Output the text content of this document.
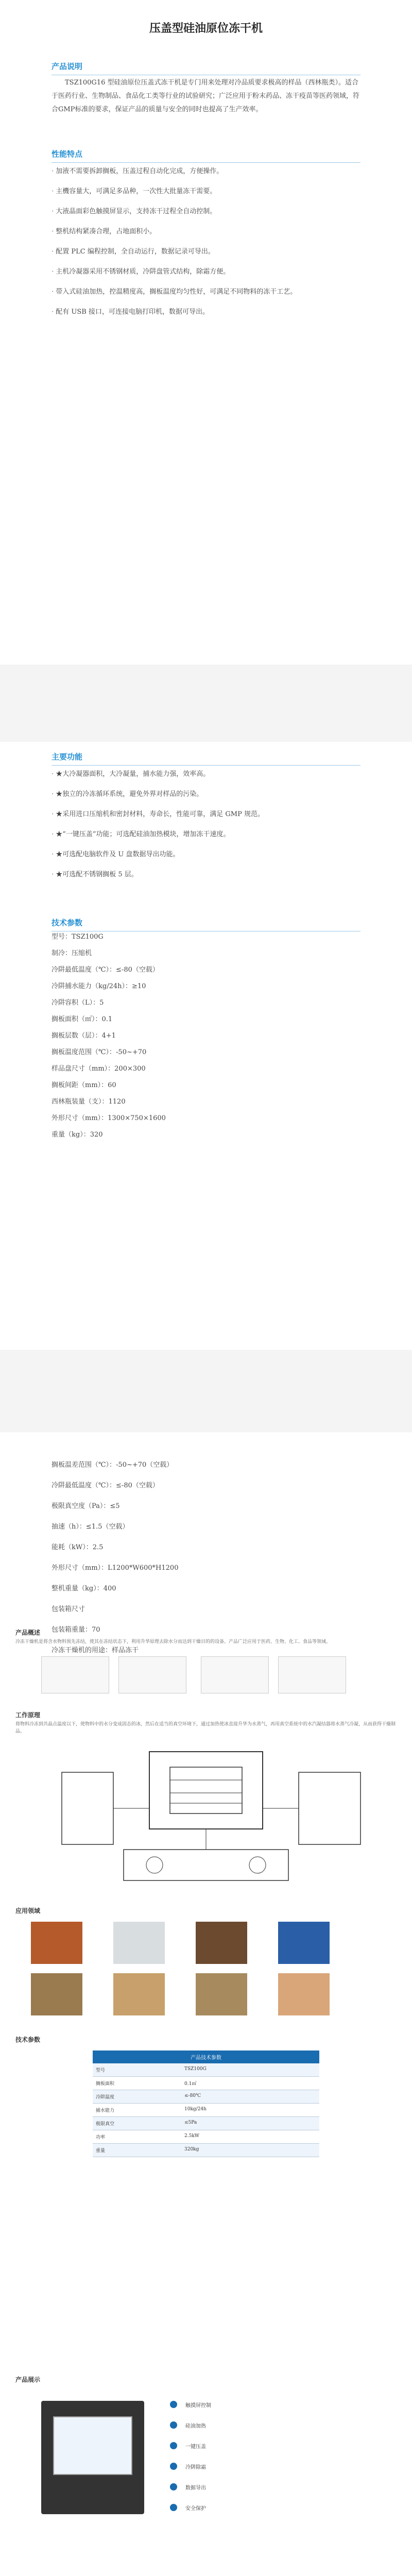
压盖型硅油原位冻干机
产品说明
TSZ100G16 型硅油原位压盖式冻干机是专门用来处理对冷品质要求极高的样品（西林瓶类）。适合于医药行业、生物制品、食品化工类等行业的试验研究；广泛应用于粉末药品、冻干疫苗等医药领域，符合GMP标准的要求，保证产品的质量与安全的同时也提高了生产效率。
性能特点
· 加液不需要拆卸搁板，压盖过程自动化完成，方便操作。
· 主機容量大，可满足多品种，一次性大批量冻干需要。
· 大液晶面彩色触摸屏显示，支持冻干过程全自动控制。
· 整机结构紧凑合理，占地面积小。
· 配置 PLC 编程控制，全自动运行，数据记录可导出。
· 主机冷凝器采用不锈钢材质，冷阱盘管式结构，除霜方便。
· 带入式硅油加热，控温精度高，搁板温度均匀性好，可满足不同物料的冻干工艺。
· 配有 USB 接口，可连接电脑打印机，数据可导出。
主要功能
· ★大冷凝器面积，大冷凝量，捕水能力强，效率高。
· ★独立的冷冻循环系统，避免外界对样品的污染。
· ★采用进口压缩机和密封材料，寿命长，性能可靠，满足 GMP 规范。
· ★“一键压盖”功能；可选配硅油加热模块，增加冻干速度。
· ★可选配电脑软件及 U 盘数据导出功能。
· ★可选配不锈钢搁板 5 层。
技术参数
型号：TSZ100G
制冷：压缩机
冷阱最低温度（℃）：≤-80（空载）
冷阱捕水能力（kg/24h）：≥10
冷阱容积（L）：5
搁板面积（㎡）：0.1
搁板层数（层）：4+1
搁板温度范围（℃）：-50~+70
样品盘尺寸（mm）：200×300
搁板间距（mm）：60
西林瓶装量（支）：1120
外形尺寸（mm）：1300×750×1600
重量（kg）：320
搁板温差范围（℃）：-50~+70（空载）
冷阱最低温度（℃）：≤-80（空载）
极限真空度（Pa）：≤5
抽速（h）：≤1.5（空载）
能耗（kW）：2.5
外形尺寸（mm）：L1200*W600*H1200
整机重量（kg）：400
包装箱尺寸
包装箱重量：70
冷冻干燥机的用途：样品冻干
产品概述
冷冻干燥机是将含水物料预先冻结，使其在冻结状态下，利用升华原理去除水分而达到干燥目的的设备。产品广泛应用于医药、生物、化工、食品等领域。
工作原理
将物料冷冻到共晶点温度以下，使物料中的水分变成固态的冰，然后在适当的真空环境下，通过加热使冰直接升华为水蒸气，再用真空系统中的水汽凝结器将水蒸气冷凝，从而获得干燥制品。
应用领域
技术参数
产品技术参数
型号	TSZ100G
搁板面积	0.1㎡
冷阱温度	≤-80℃
捕水能力	10kg/24h
极限真空	≤5Pa
功率	2.5kW
重量	320kg
产品展示
触摸屏控制
硅油加热
一键压盖
冷阱除霜
数据导出
安全保护
